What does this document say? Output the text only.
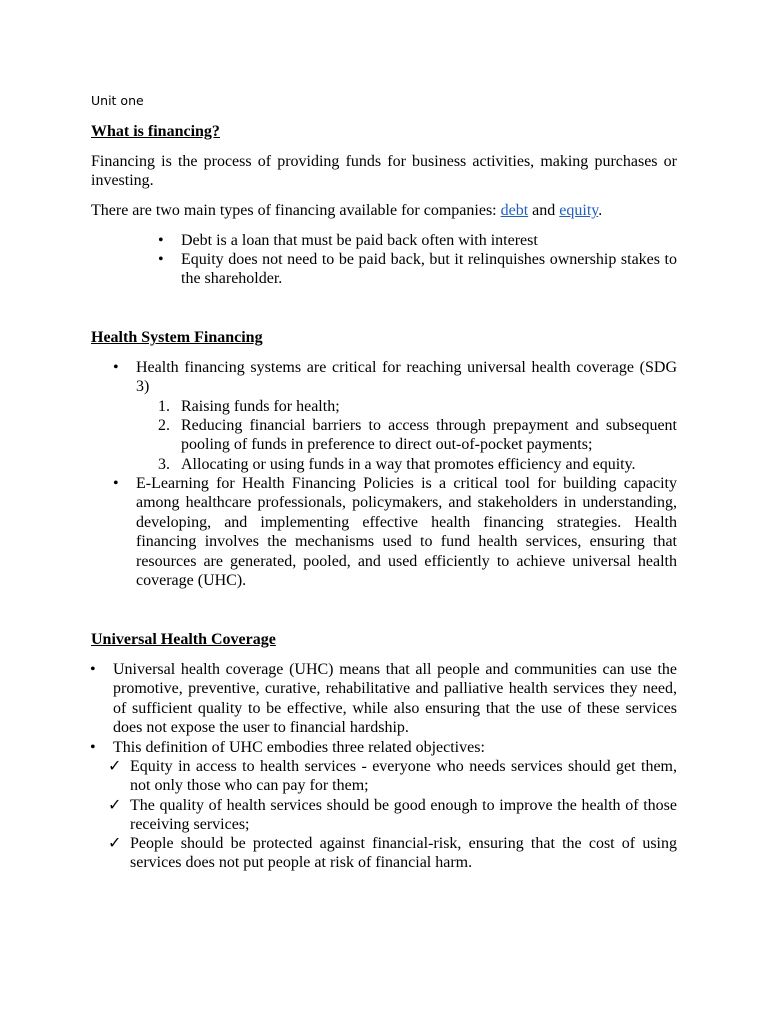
Unit one
What is financing?

Financing is the process of providing funds for business activities, making purchases or investing.

There are two main types of financing available for companies: debt and equity.

• Debt is a loan that must be paid back often with interest
• Equity does not need to be paid back, but it relinquishes ownership stakes to the shareholder.
Health System Financing
• Health financing systems are critical for reaching universal health coverage (SDG 3)
1. Raising funds for health;
2. Reducing financial barriers to access through prepayment and subsequent pooling of funds in preference to direct out-of-pocket payments;
3. Allocating or using funds in a way that promotes efficiency and equity.
• E-Learning for Health Financing Policies is a critical tool for building capacity among healthcare professionals, policymakers, and stakeholders in understanding, developing, and implementing effective health financing strategies. Health financing involves the mechanisms used to fund health services, ensuring that resources are generated, pooled, and used efficiently to achieve universal health coverage (UHC).
Universal Health Coverage
• Universal health coverage (UHC) means that all people and communities can use the promotive, preventive, curative, rehabilitative and palliative health services they need, of sufficient quality to be effective, while also ensuring that the use of these services does not expose the user to financial hardship.
• This definition of UHC embodies three related objectives:
✓ Equity in access to health services - everyone who needs services should get them, not only those who can pay for them;
✓ The quality of health services should be good enough to improve the health of those receiving services;
✓ People should be protected against financial-risk, ensuring that the cost of using services does not put people at risk of financial harm.
